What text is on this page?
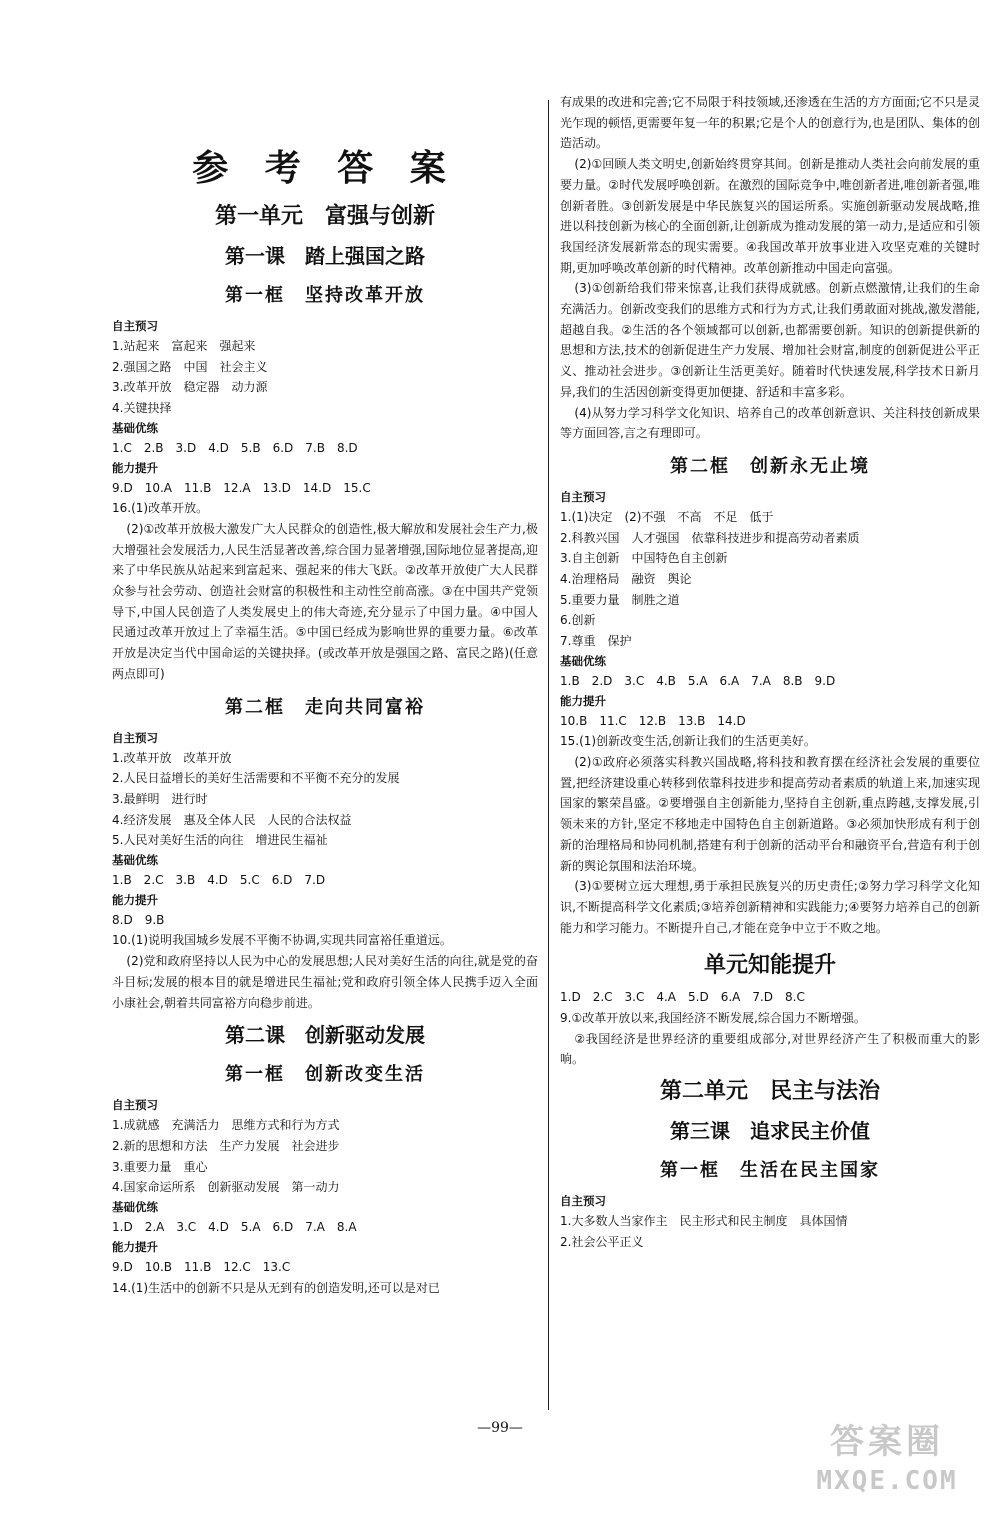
参 考 答 案
第一单元　富强与创新
第一课　踏上强国之路
第一框　坚持改革开放
自主预习
1.站起来　富起来　强起来
2.强国之路　中国　社会主义
3.改革开放　稳定器　动力源
4.关键抉择
基础优练
1.C　2.B　3.D　4.D　5.B　6.D　7.B　8.D
能力提升
9.D　10.A　11.B　12.A　13.D　14.D　15.C
16.(1)改革开放。
(2)①改革开放极大激发广大人民群众的创造性,极大解放和发展社会生产力,极大增强社会发展活力,人民生活显著改善,综合国力显著增强,国际地位显著提高,迎来了中华民族从站起来到富起来、强起来的伟大飞跃。②改革开放使广大人民群众参与社会劳动、创造社会财富的积极性和主动性空前高涨。③在中国共产党领导下,中国人民创造了人类发展史上的伟大奇迹,充分显示了中国力量。④中国人民通过改革开放过上了幸福生活。⑤中国已经成为影响世界的重要力量。⑥改革开放是决定当代中国命运的关键抉择。(或改革开放是强国之路、富民之路)(任意两点即可)
第二框　走向共同富裕
自主预习
1.改革开放　改革开放
2.人民日益增长的美好生活需要和不平衡不充分的发展
3.最鲜明　进行时
4.经济发展　惠及全体人民　人民的合法权益
5.人民对美好生活的向往　增进民生福祉
基础优练
1.B　2.C　3.B　4.D　5.C　6.D　7.D
能力提升
8.D　9.B
10.(1)说明我国城乡发展不平衡不协调,实现共同富裕任重道远。
(2)党和政府坚持以人民为中心的发展思想;人民对美好生活的向往,就是党的奋斗目标;发展的根本目的就是增进民生福祉;党和政府引领全体人民携手迈入全面小康社会,朝着共同富裕方向稳步前进。
第二课　创新驱动发展
第一框　创新改变生活
自主预习
1.成就感　充满活力　思维方式和行为方式
2.新的思想和方法　生产力发展　社会进步
3.重要力量　重心
4.国家命运所系　创新驱动发展　第一动力
基础优练
1.D　2.A　3.C　4.D　5.A　6.D　7.A　8.A
能力提升
9.D　10.B　11.B　12.C　13.C
14.(1)生活中的创新不只是从无到有的创造发明,还可以是对已
有成果的改进和完善;它不局限于科技领域,还渗透在生活的方方面面;它不只是灵光乍现的顿悟,更需要年复一年的积累;它是个人的创意行为,也是团队、集体的创造活动。
(2)①回顾人类文明史,创新始终贯穿其间。创新是推动人类社会向前发展的重要力量。②时代发展呼唤创新。在激烈的国际竞争中,唯创新者进,唯创新者强,唯创新者胜。③创新发展是中华民族复兴的国运所系。实施创新驱动发展战略,推进以科技创新为核心的全面创新,让创新成为推动发展的第一动力,是适应和引领我国经济发展新常态的现实需要。④我国改革开放事业进入攻坚克难的关键时期,更加呼唤改革创新的时代精神。改革创新推动中国走向富强。
(3)①创新给我们带来惊喜,让我们获得成就感。创新点燃激情,让我们的生命充满活力。创新改变我们的思维方式和行为方式,让我们勇敢面对挑战,激发潜能,超越自我。②生活的各个领域都可以创新,也都需要创新。知识的创新提供新的思想和方法,技术的创新促进生产力发展、增加社会财富,制度的创新促进公平正义、推动社会进步。③创新让生活更美好。随着时代快速发展,科学技术日新月异,我们的生活因创新变得更加便捷、舒适和丰富多彩。
(4)从努力学习科学文化知识、培养自己的改革创新意识、关注科技创新成果等方面回答,言之有理即可。
第二框　创新永无止境
自主预习
1.(1)决定　(2)不强　不高　不足　低于
2.科教兴国　人才强国　依靠科技进步和提高劳动者素质
3.自主创新　中国特色自主创新
4.治理格局　融资　舆论
5.重要力量　制胜之道
6.创新
7.尊重　保护
基础优练
1.B　2.D　3.C　4.B　5.A　6.A　7.A　8.B　9.D
能力提升
10.B　11.C　12.B　13.B　14.D
15.(1)创新改变生活,创新让我们的生活更美好。
(2)①政府必须落实科教兴国战略,将科技和教育摆在经济社会发展的重要位置,把经济建设重心转移到依靠科技进步和提高劳动者素质的轨道上来,加速实现国家的繁荣昌盛。②要增强自主创新能力,坚持自主创新,重点跨越,支撑发展,引领未来的方针,坚定不移地走中国特色自主创新道路。③必须加快形成有利于创新的治理格局和协同机制,搭建有利于创新的活动平台和融资平台,营造有利于创新的舆论氛围和法治环境。
(3)①要树立远大理想,勇于承担民族复兴的历史责任;②努力学习科学文化知识,不断提高科学文化素质;③培养创新精神和实践能力;④要努力培养自己的创新能力和学习能力。不断提升自己,才能在竞争中立于不败之地。
单元知能提升
1.D　2.C　3.C　4.A　5.D　6.A　7.D　8.C
9.①改革开放以来,我国经济不断发展,综合国力不断增强。
②我国经济是世界经济的重要组成部分,对世界经济产生了积极而重大的影响。
第二单元　民主与法治
第三课　追求民主价值
第一框　生活在民主国家
自主预习
1.大多数人当家作主　民主形式和民主制度　具体国情
2.社会公平正义
—99—	答案圈
MXQE.COM
